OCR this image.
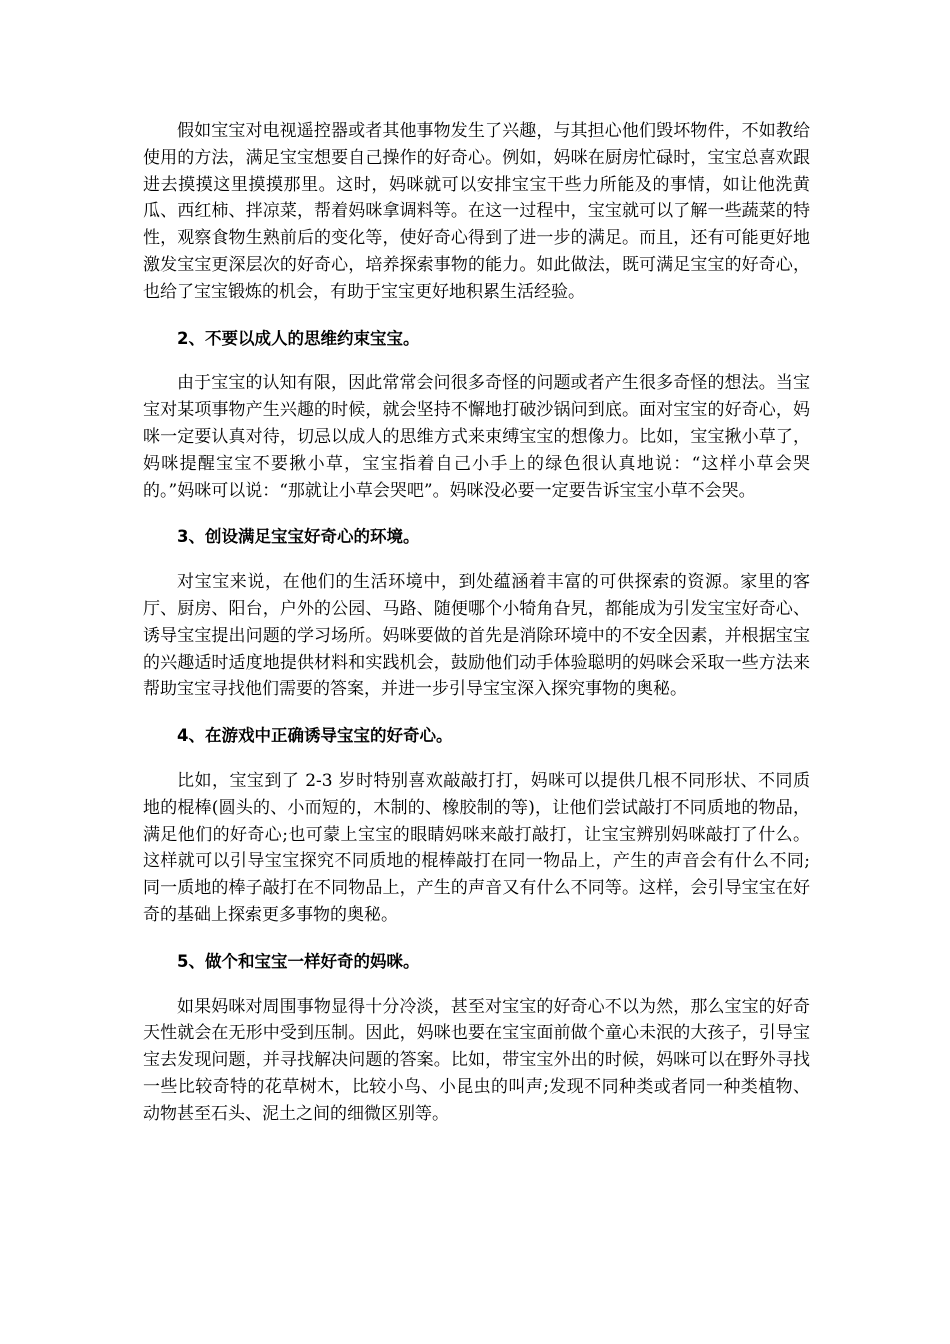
假如宝宝对电视遥控器或者其他事物发生了兴趣，与其担心他们毁坏物件，不如教给使用的方法，满足宝宝想要自己操作的好奇心。例如，妈咪在厨房忙碌时，宝宝总喜欢跟进去摸摸这里摸摸那里。这时，妈咪就可以安排宝宝干些力所能及的事情，如让他洗黄瓜、西红柿、拌凉菜，帮着妈咪拿调料等。在这一过程中，宝宝就可以了解一些蔬菜的特性，观察食物生熟前后的变化等，使好奇心得到了进一步的满足。而且，还有可能更好地激发宝宝更深层次的好奇心，培养探索事物的能力。如此做法，既可满足宝宝的好奇心，也给了宝宝锻炼的机会，有助于宝宝更好地积累生活经验。

2、不要以成人的思维约束宝宝。

由于宝宝的认知有限，因此常常会问很多奇怪的问题或者产生很多奇怪的想法。当宝宝对某项事物产生兴趣的时候，就会坚持不懈地打破沙锅问到底。面对宝宝的好奇心，妈咪一定要认真对待，切忌以成人的思维方式来束缚宝宝的想像力。比如，宝宝揪小草了，妈咪提醒宝宝不要揪小草，宝宝指着自己小手上的绿色很认真地说：“这样小草会哭的。”妈咪可以说：“那就让小草会哭吧”。妈咪没必要一定要告诉宝宝小草不会哭。

3、创设满足宝宝好奇心的环境。

对宝宝来说，在他们的生活环境中，到处蕴涵着丰富的可供探索的资源。家里的客厅、厨房、阳台，户外的公园、马路、随便哪个小犄角旮旯，都能成为引发宝宝好奇心、诱导宝宝提出问题的学习场所。妈咪要做的首先是消除环境中的不安全因素，并根据宝宝的兴趣适时适度地提供材料和实践机会，鼓励他们动手体验聪明的妈咪会采取一些方法来帮助宝宝寻找他们需要的答案，并进一步引导宝宝深入探究事物的奥秘。

4、在游戏中正确诱导宝宝的好奇心。

比如，宝宝到了 2-3 岁时特别喜欢敲敲打打，妈咪可以提供几根不同形状、不同质地的棍棒(圆头的、小而短的，木制的、橡胶制的等)，让他们尝试敲打不同质地的物品，满足他们的好奇心;也可蒙上宝宝的眼睛妈咪来敲打敲打，让宝宝辨别妈咪敲打了什么。这样就可以引导宝宝探究不同质地的棍棒敲打在同一物品上，产生的声音会有什么不同;同一质地的棒子敲打在不同物品上，产生的声音又有什么不同等。这样，会引导宝宝在好奇的基础上探索更多事物的奥秘。

5、做个和宝宝一样好奇的妈咪。

如果妈咪对周围事物显得十分冷淡，甚至对宝宝的好奇心不以为然，那么宝宝的好奇天性就会在无形中受到压制。因此，妈咪也要在宝宝面前做个童心未泯的大孩子，引导宝宝去发现问题，并寻找解决问题的答案。比如，带宝宝外出的时候，妈咪可以在野外寻找一些比较奇特的花草树木，比较小鸟、小昆虫的叫声;发现不同种类或者同一种类植物、动物甚至石头、泥土之间的细微区别等。
